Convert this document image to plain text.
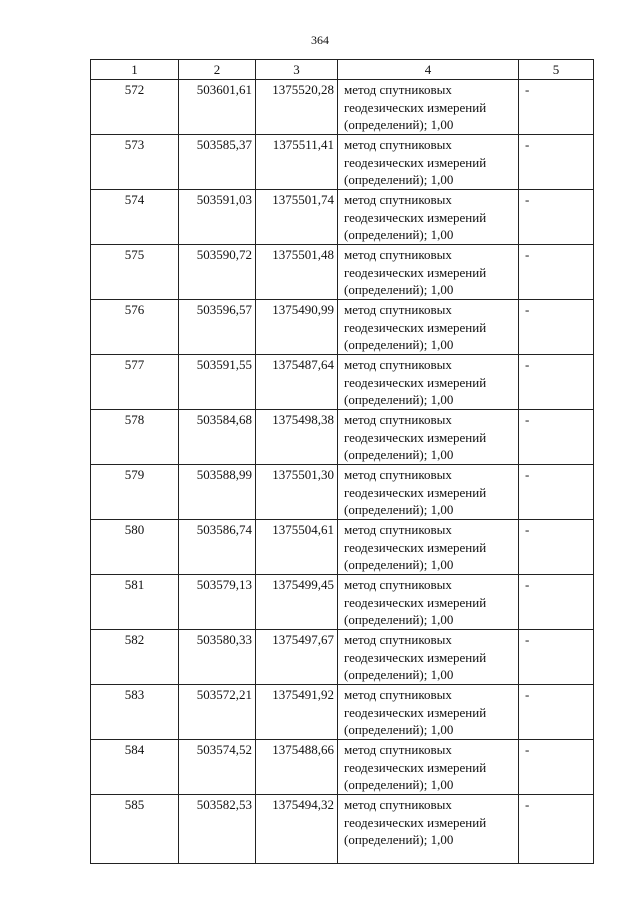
364
1	2	3	4	5
572	503601,61	1375520,28	метод спутниковых геодезических измерений (определений); 1,00	-
573	503585,37	1375511,41	метод спутниковых геодезических измерений (определений); 1,00	-
574	503591,03	1375501,74	метод спутниковых геодезических измерений (определений); 1,00	-
575	503590,72	1375501,48	метод спутниковых геодезических измерений (определений); 1,00	-
576	503596,57	1375490,99	метод спутниковых геодезических измерений (определений); 1,00	-
577	503591,55	1375487,64	метод спутниковых геодезических измерений (определений); 1,00	-
578	503584,68	1375498,38	метод спутниковых геодезических измерений (определений); 1,00	-
579	503588,99	1375501,30	метод спутниковых геодезических измерений (определений); 1,00	-
580	503586,74	1375504,61	метод спутниковых геодезических измерений (определений); 1,00	-
581	503579,13	1375499,45	метод спутниковых геодезических измерений (определений); 1,00	-
582	503580,33	1375497,67	метод спутниковых геодезических измерений (определений); 1,00	-
583	503572,21	1375491,92	метод спутниковых геодезических измерений (определений); 1,00	-
584	503574,52	1375488,66	метод спутниковых геодезических измерений (определений); 1,00	-
585	503582,53	1375494,32	метод спутниковых геодезических измерений (определений); 1,00	-
